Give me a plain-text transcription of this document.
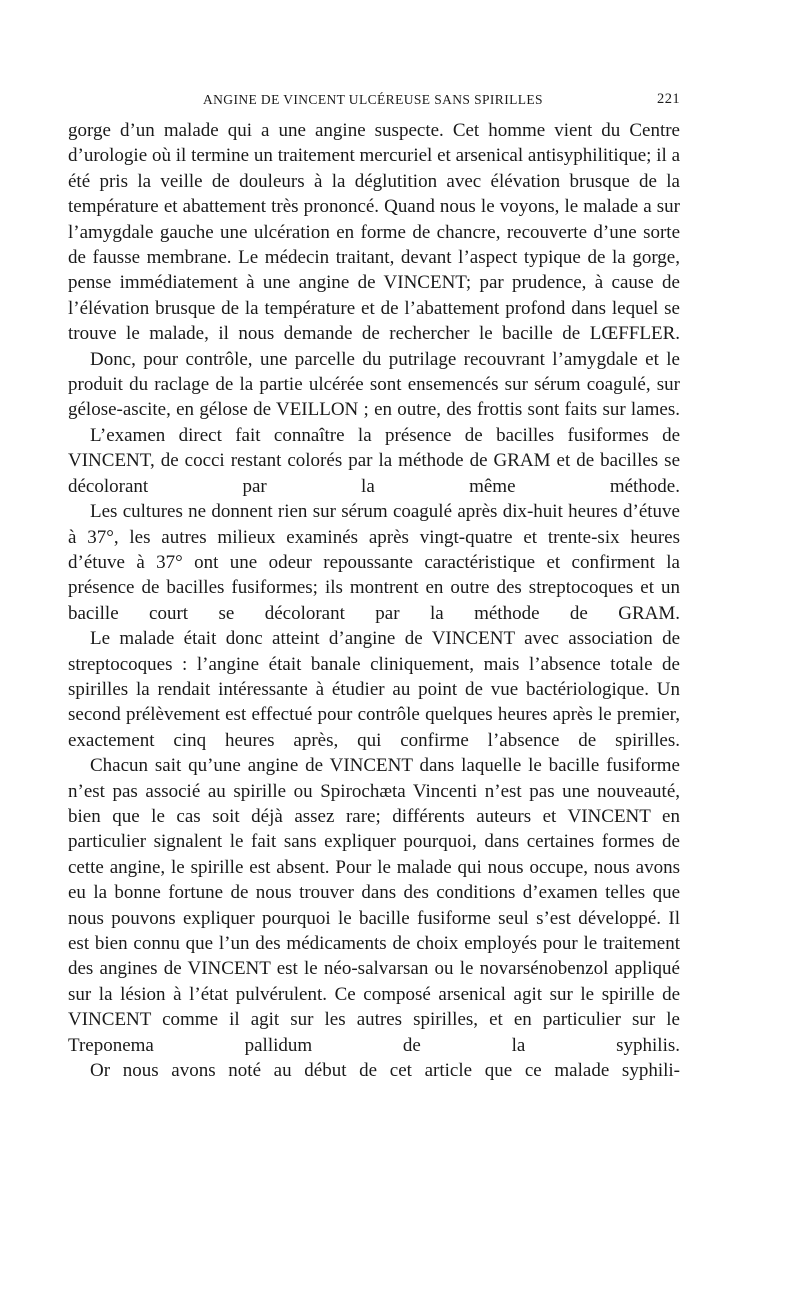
ANGINE DE VINCENT ULCÉREUSE SANS SPIRILLES	221

gorge d’un malade qui a une angine suspecte. Cet homme vient du Centre d’urologie où il termine un traitement mercuriel et arsenical antisyphilitique; il a été pris la veille de douleurs à la déglutition avec élévation brusque de la température et abattement très prononcé. Quand nous le voyons, le malade a sur l’amygdale gauche une ulcération en forme de chancre, recouverte d’une sorte de fausse membrane. Le médecin traitant, devant l’aspect typique de la gorge, pense immédiatement à une angine de VINCENT; par prudence, à cause de l’élévation brusque de la température et de l’abattement profond dans lequel se trouve le malade, il nous demande de rechercher le bacille de LŒFFLER.

Donc, pour contrôle, une parcelle du putrilage recouvrant l’amygdale et le produit du raclage de la partie ulcérée sont ensemencés sur sérum coagulé, sur gélose-ascite, en gélose de VEILLON ; en outre, des frottis sont faits sur lames.

L’examen direct fait connaître la présence de bacilles fusiformes de VINCENT, de cocci restant colorés par la méthode de GRAM et de bacilles se décolorant par la même méthode.

Les cultures ne donnent rien sur sérum coagulé après dix-huit heures d’étuve à 37°, les autres milieux examinés après vingt-quatre et trente-six heures d’étuve à 37° ont une odeur repoussante caractéristique et confirment la présence de bacilles fusiformes; ils montrent en outre des streptocoques et un bacille court se décolorant par la méthode de GRAM.

Le malade était donc atteint d’angine de VINCENT avec association de streptocoques : l’angine était banale cliniquement, mais l’absence totale de spirilles la rendait intéressante à étudier au point de vue bactériologique. Un second prélèvement est effectué pour contrôle quelques heures après le premier, exactement cinq heures après, qui confirme l’absence de spirilles.

Chacun sait qu’une angine de VINCENT dans laquelle le bacille fusiforme n’est pas associé au spirille ou Spirochæta Vincenti n’est pas une nouveauté, bien que le cas soit déjà assez rare; différents auteurs et VINCENT en particulier signalent le fait sans expliquer pourquoi, dans certaines formes de cette angine, le spirille est absent. Pour le malade qui nous occupe, nous avons eu la bonne fortune de nous trouver dans des conditions d’examen telles que nous pouvons expliquer pourquoi le bacille fusiforme seul s’est développé. Il est bien connu que l’un des médicaments de choix employés pour le traitement des angines de VINCENT est le néo-salvarsan ou le novarsénobenzol appliqué sur la lésion à l’état pulvérulent. Ce composé arsenical agit sur le spirille de VINCENT comme il agit sur les autres spirilles, et en particulier sur le Treponema pallidum de la syphilis.

Or nous avons noté au début de cet article que ce malade syphili-
